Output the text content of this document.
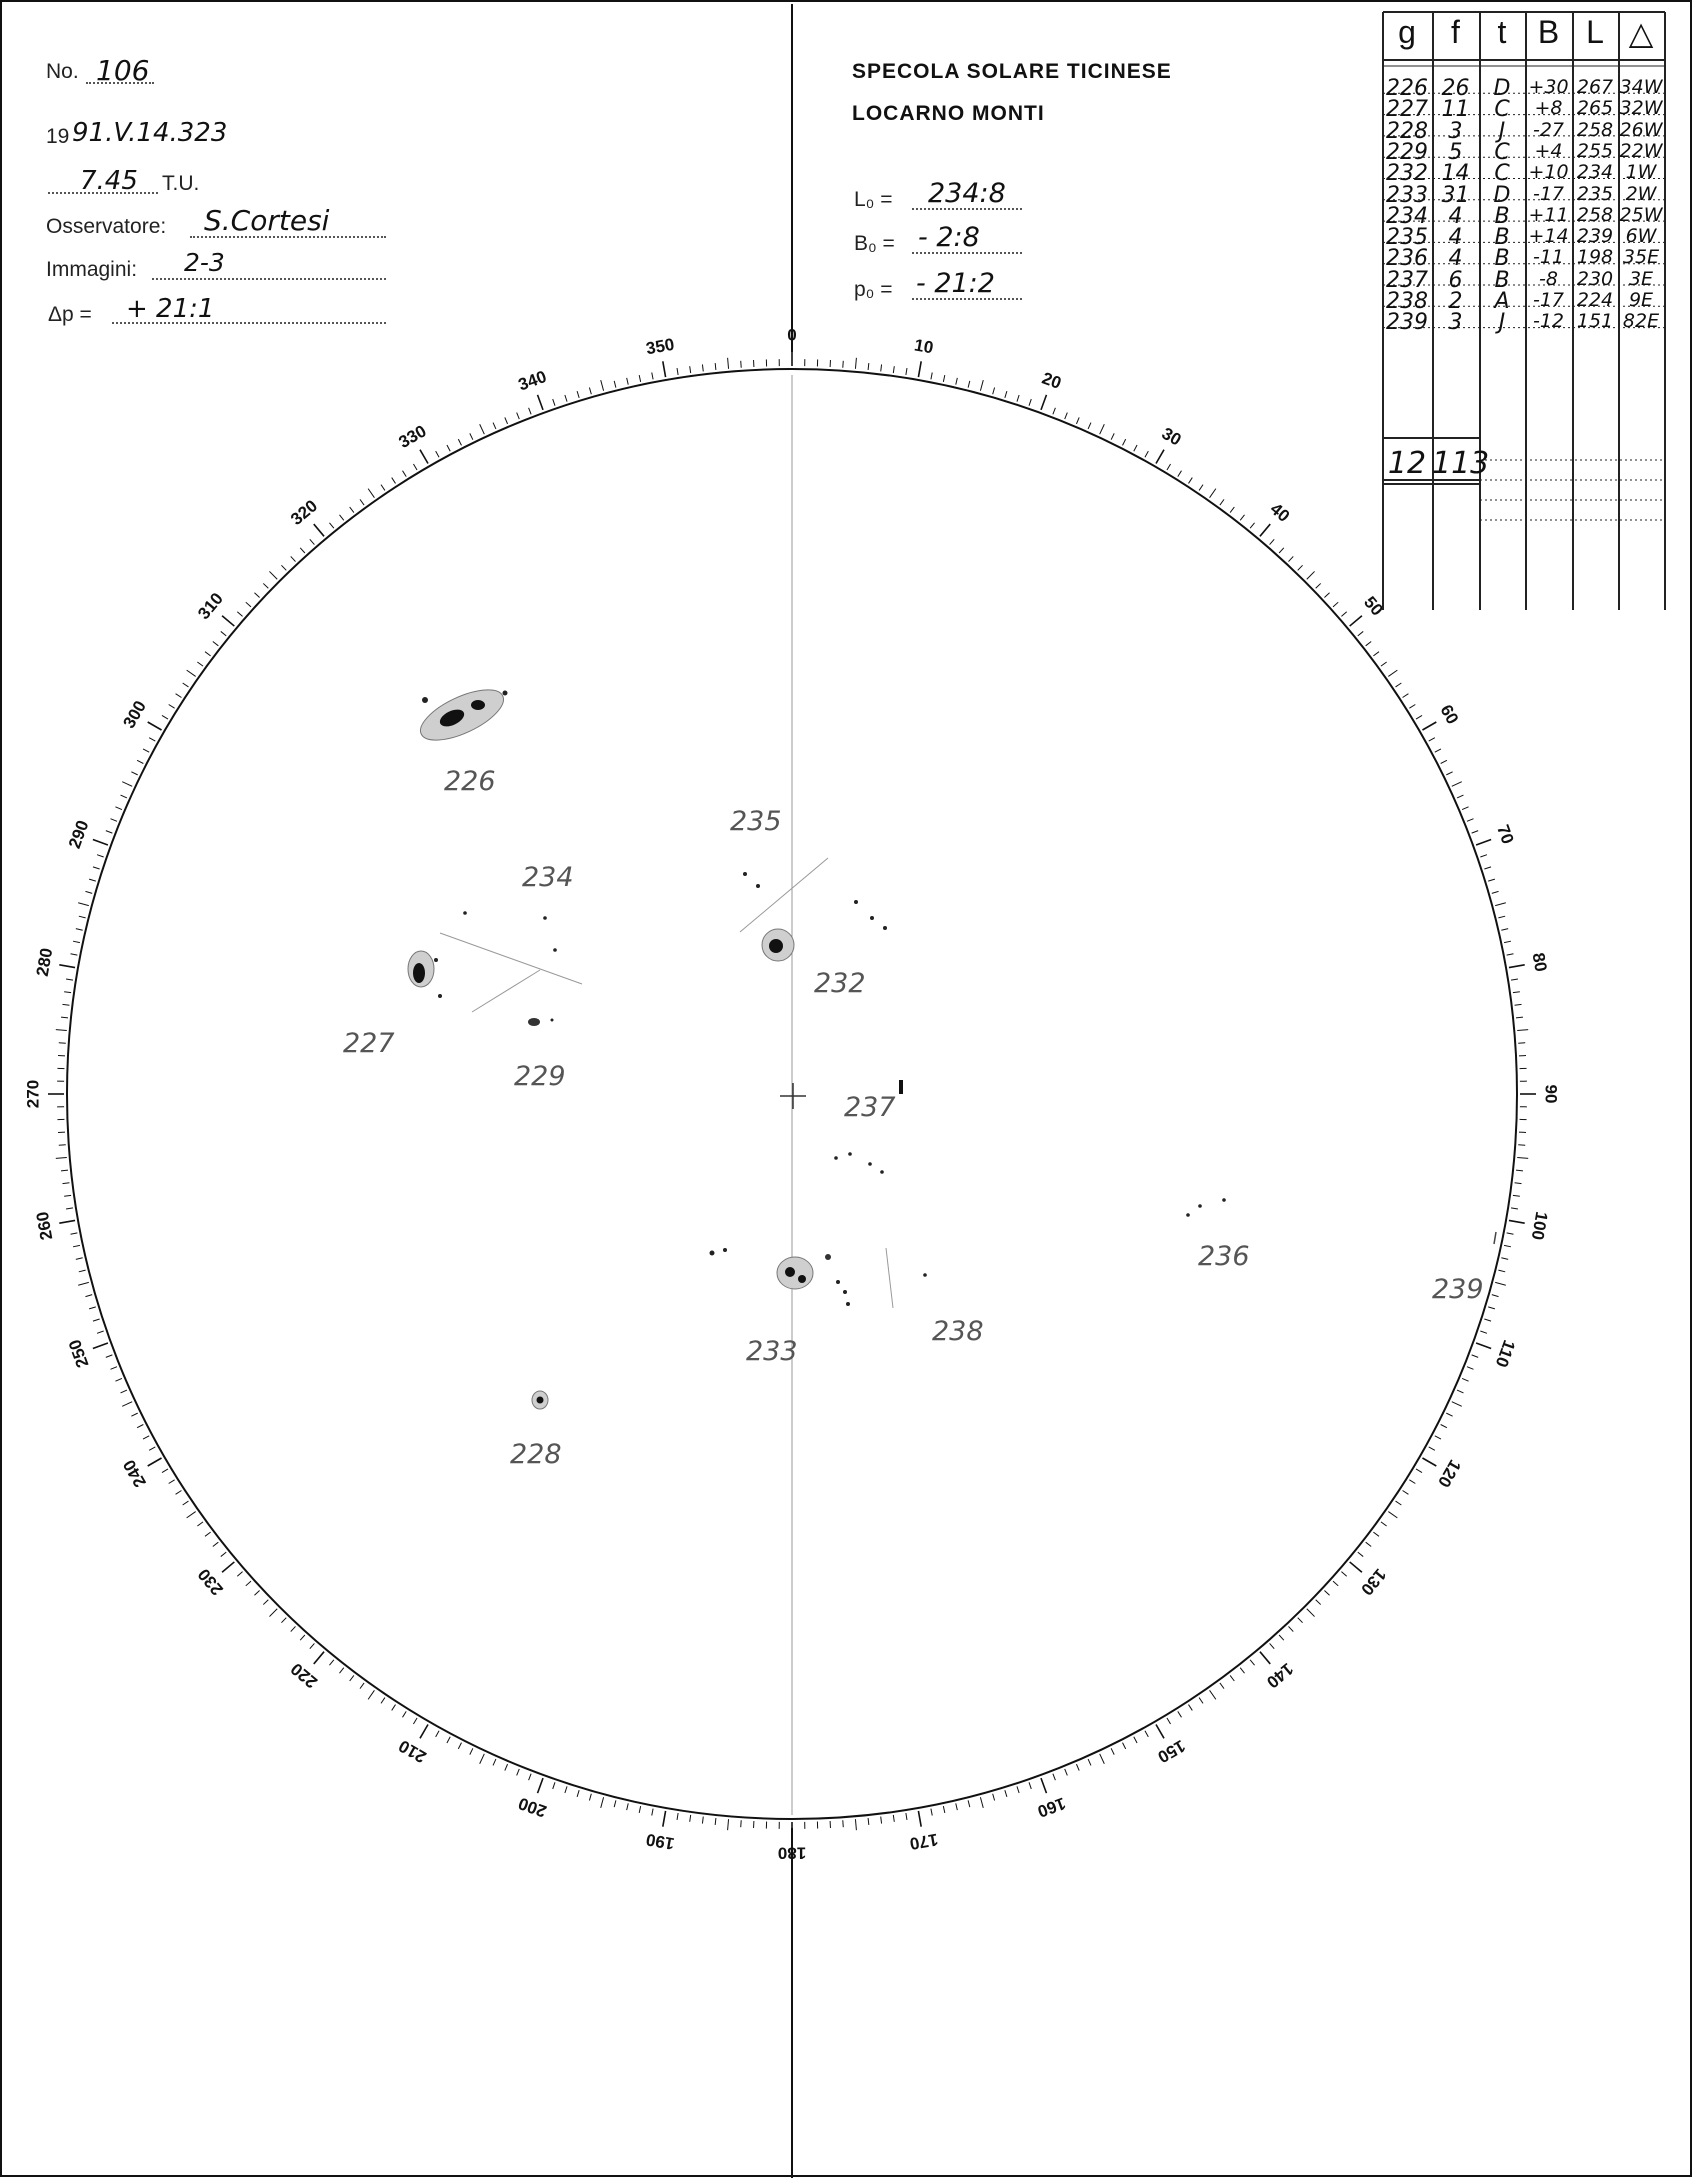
No. 106
19 91.V.14.323
7.45 T.U.
Osservatore: S.Cortesi
Immagini: 2-3
Δp = + 21:1
SPECOLA SOLARE TICINESE
LOCARNO MONTI
L₀ = 234:8
B₀ = - 2:8
p₀ = - 21:2
0
10
20
30
40
50
60
70
80
90
100
110
120
130
140
150
160
170
180
190
200
210
220
230
240
250
260
270
280
290
300
310
320
330
340
350
226
227
228
229
232
233
234
235
236
237
238
239
g	f	t B L △
226 26	D +30 267 34W
227 11	C	+8 265 32W
228 3	J	-27 258 26W
229 5	C	+4 255 22W
232 14	C +10 234 1W
233 31	D	-17 235 2W
234 4	B +11 258 25W
235 4	B +14 239 6W
236 4	B	-11 198 35E
237 6	B	-8 230 3E
238 2	A	-17 224 9E
239 3	J	-12 151 82E
12 113
